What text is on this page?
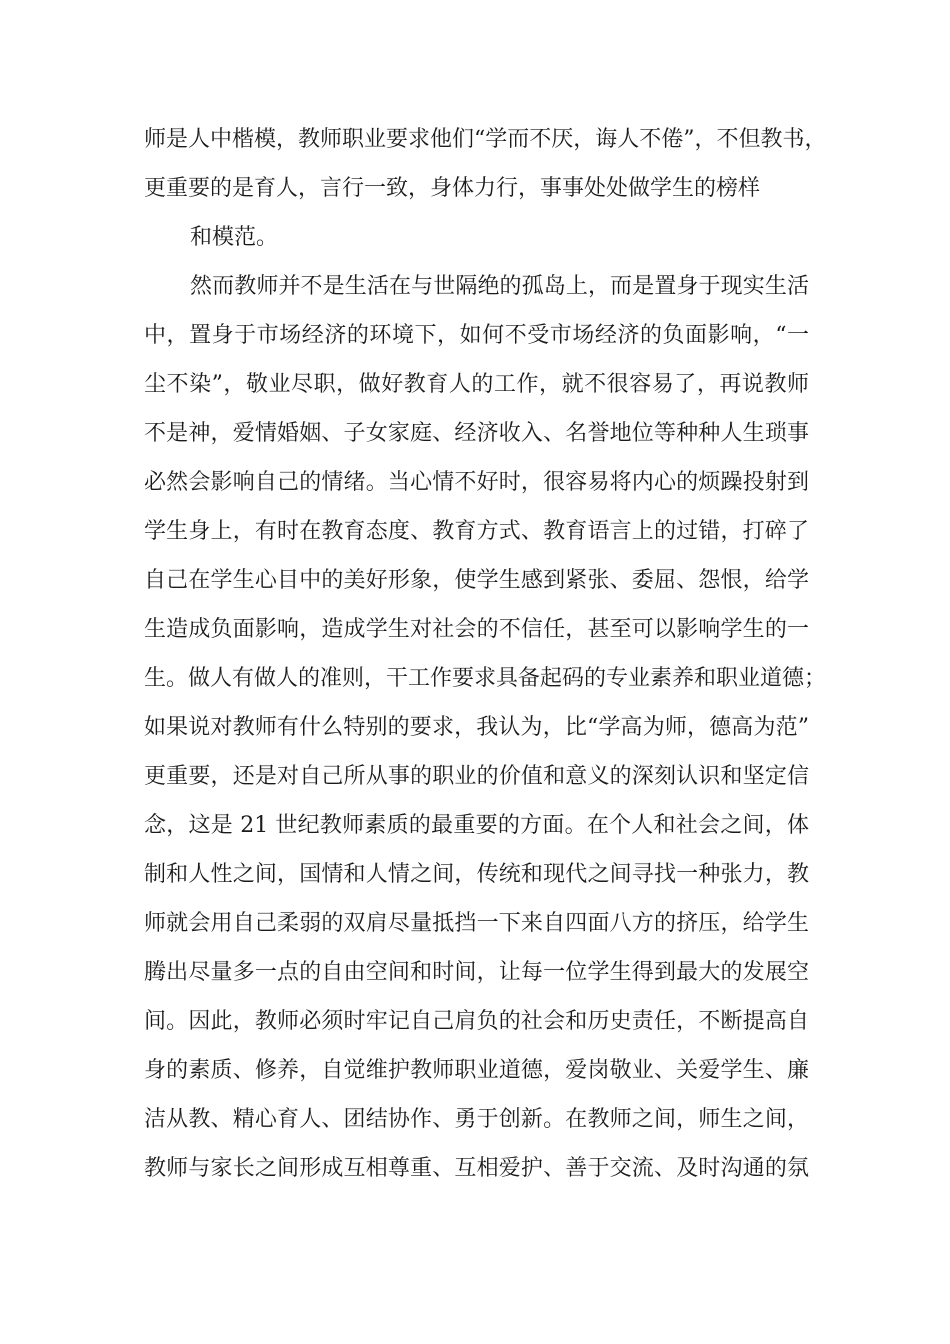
师是人中楷模，教师职业要求他们“学而不厌，诲人不倦”，不但教书，
更重要的是育人，言行一致，身体力行，事事处处做学生的榜样
和模范。
然而教师并不是生活在与世隔绝的孤岛上，而是置身于现实生活
中，置身于市场经济的环境下，如何不受市场经济的负面影响，“一
尘不染”，敬业尽职，做好教育人的工作，就不很容易了，再说教师
不是神，爱情婚姻、子女家庭、经济收入、名誉地位等种种人生琐事
必然会影响自己的情绪。当心情不好时，很容易将内心的烦躁投射到
学生身上，有时在教育态度、教育方式、教育语言上的过错，打碎了
自己在学生心目中的美好形象，使学生感到紧张、委屈、怨恨，给学
生造成负面影响，造成学生对社会的不信任，甚至可以影响学生的一
生。做人有做人的准则，干工作要求具备起码的专业素养和职业道德；
如果说对教师有什么特别的要求，我认为，比“学高为师，德高为范”
更重要，还是对自己所从事的职业的价值和意义的深刻认识和坚定信
念，这是 21 世纪教师素质的最重要的方面。在个人和社会之间，体
制和人性之间，国情和人情之间，传统和现代之间寻找一种张力，教
师就会用自己柔弱的双肩尽量抵挡一下来自四面八方的挤压，给学生
腾出尽量多一点的自由空间和时间，让每一位学生得到最大的发展空
间。因此，教师必须时牢记自己肩负的社会和历史责任，不断提高自
身的素质、修养，自觉维护教师职业道德，爱岗敬业、关爱学生、廉
洁从教、精心育人、团结协作、勇于创新。在教师之间，师生之间，
教师与家长之间形成互相尊重、互相爱护、善于交流、及时沟通的氛
